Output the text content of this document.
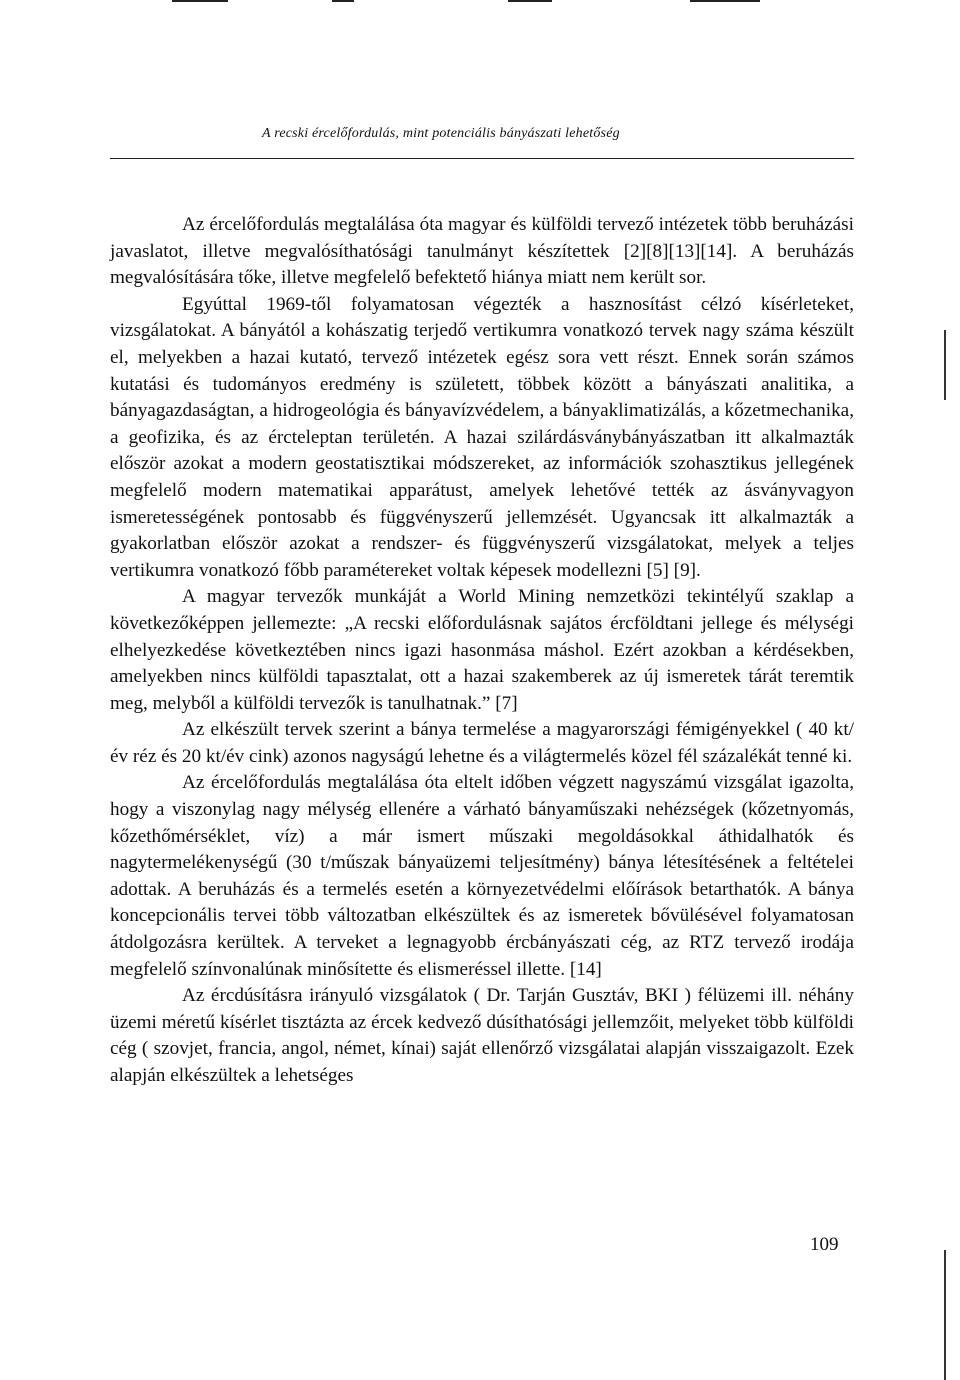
A recski ércelőfordulás, mint potenciális bányászati lehetőség

Az ércelőfordulás megtalálása óta magyar és külföldi tervező intézetek több beruházási javaslatot, illetve megvalósíthatósági tanulmányt készítettek [2][8][13][14]. A beruházás megvalósítására tőke, illetve megfelelő befektető hiánya miatt nem került sor.

Egyúttal 1969-től folyamatosan végezték a hasznosítást célzó kísérleteket, vizsgálatokat. A bányától a kohászatig terjedő vertikumra vonatkozó tervek nagy száma készült el, melyekben a hazai kutató, tervező intézetek egész sora vett részt. Ennek során számos kutatási és tudományos eredmény is született, többek között a bányászati analitika, a bányagazdaságtan, a hidrogeológia és bányavízvédelem, a bányaklimatizálás, a kőzetmechanika, a geofizika, és az ércteleptan területén. A hazai szilárdásványbányászatban itt alkalmazták először azokat a modern geostatisztikai módszereket, az információk szohasztikus jellegének megfelelő modern matematikai apparátust, amelyek lehetővé tették az ásványvagyon ismeretességének pontosabb és függvényszerű jellemzését. Ugyancsak itt alkalmazták a gyakorlatban először azokat a rendszer- és függvényszerű vizsgálatokat, melyek a teljes vertikumra vonatkozó főbb paramétereket voltak képesek modellezni [5] [9].

A magyar tervezők munkáját a World Mining nemzetközi tekintélyű szaklap a következőképpen jellemezte: „A recski előfordulásnak sajátos ércföldtani jellege és mélységi elhelyezkedése következtében nincs igazi hasonmása máshol. Ezért azokban a kérdésekben, amelyekben nincs külföldi tapasztalat, ott a hazai szakemberek az új ismeretek tárát teremtik meg, melyből a külföldi tervezők is tanulhatnak.” [7]

Az elkészült tervek szerint a bánya termelése a magyarországi fémigényekkel ( 40 kt/év réz és 20 kt/év cink) azonos nagyságú lehetne és a világtermelés közel fél százalékát tenné ki.

Az ércelőfordulás megtalálása óta eltelt időben végzett nagyszámú vizsgálat igazolta, hogy a viszonylag nagy mélység ellenére a várható bányaműszaki nehézségek (kőzetnyomás, kőzethőmérséklet, víz) a már ismert műszaki megoldásokkal áthidalhatók és nagytermelékenységű (30 t/műszak bányaüzemi teljesítmény) bánya létesítésének a feltételei adottak. A beruházás és a termelés esetén a környezetvédelmi előírások betarthatók. A bánya koncepcionális tervei több változatban elkészültek és az ismeretek bővülésével folyamatosan átdolgozásra kerültek. A terveket a legnagyobb ércbányászati cég, az RTZ tervező irodája megfelelő színvonalúnak minősítette és elismeréssel illette. [14]

Az ércdúsításra irányuló vizsgálatok ( Dr. Tarján Gusztáv, BKI ) félüzemi ill. néhány üzemi méretű kísérlet tisztázta az ércek kedvező dúsíthatósági jellemzőit, melyeket több külföldi cég ( szovjet, francia, angol, német, kínai) saját ellenőrző vizsgálatai alapján visszaigazolt. Ezek alapján elkészültek a lehetséges

109
